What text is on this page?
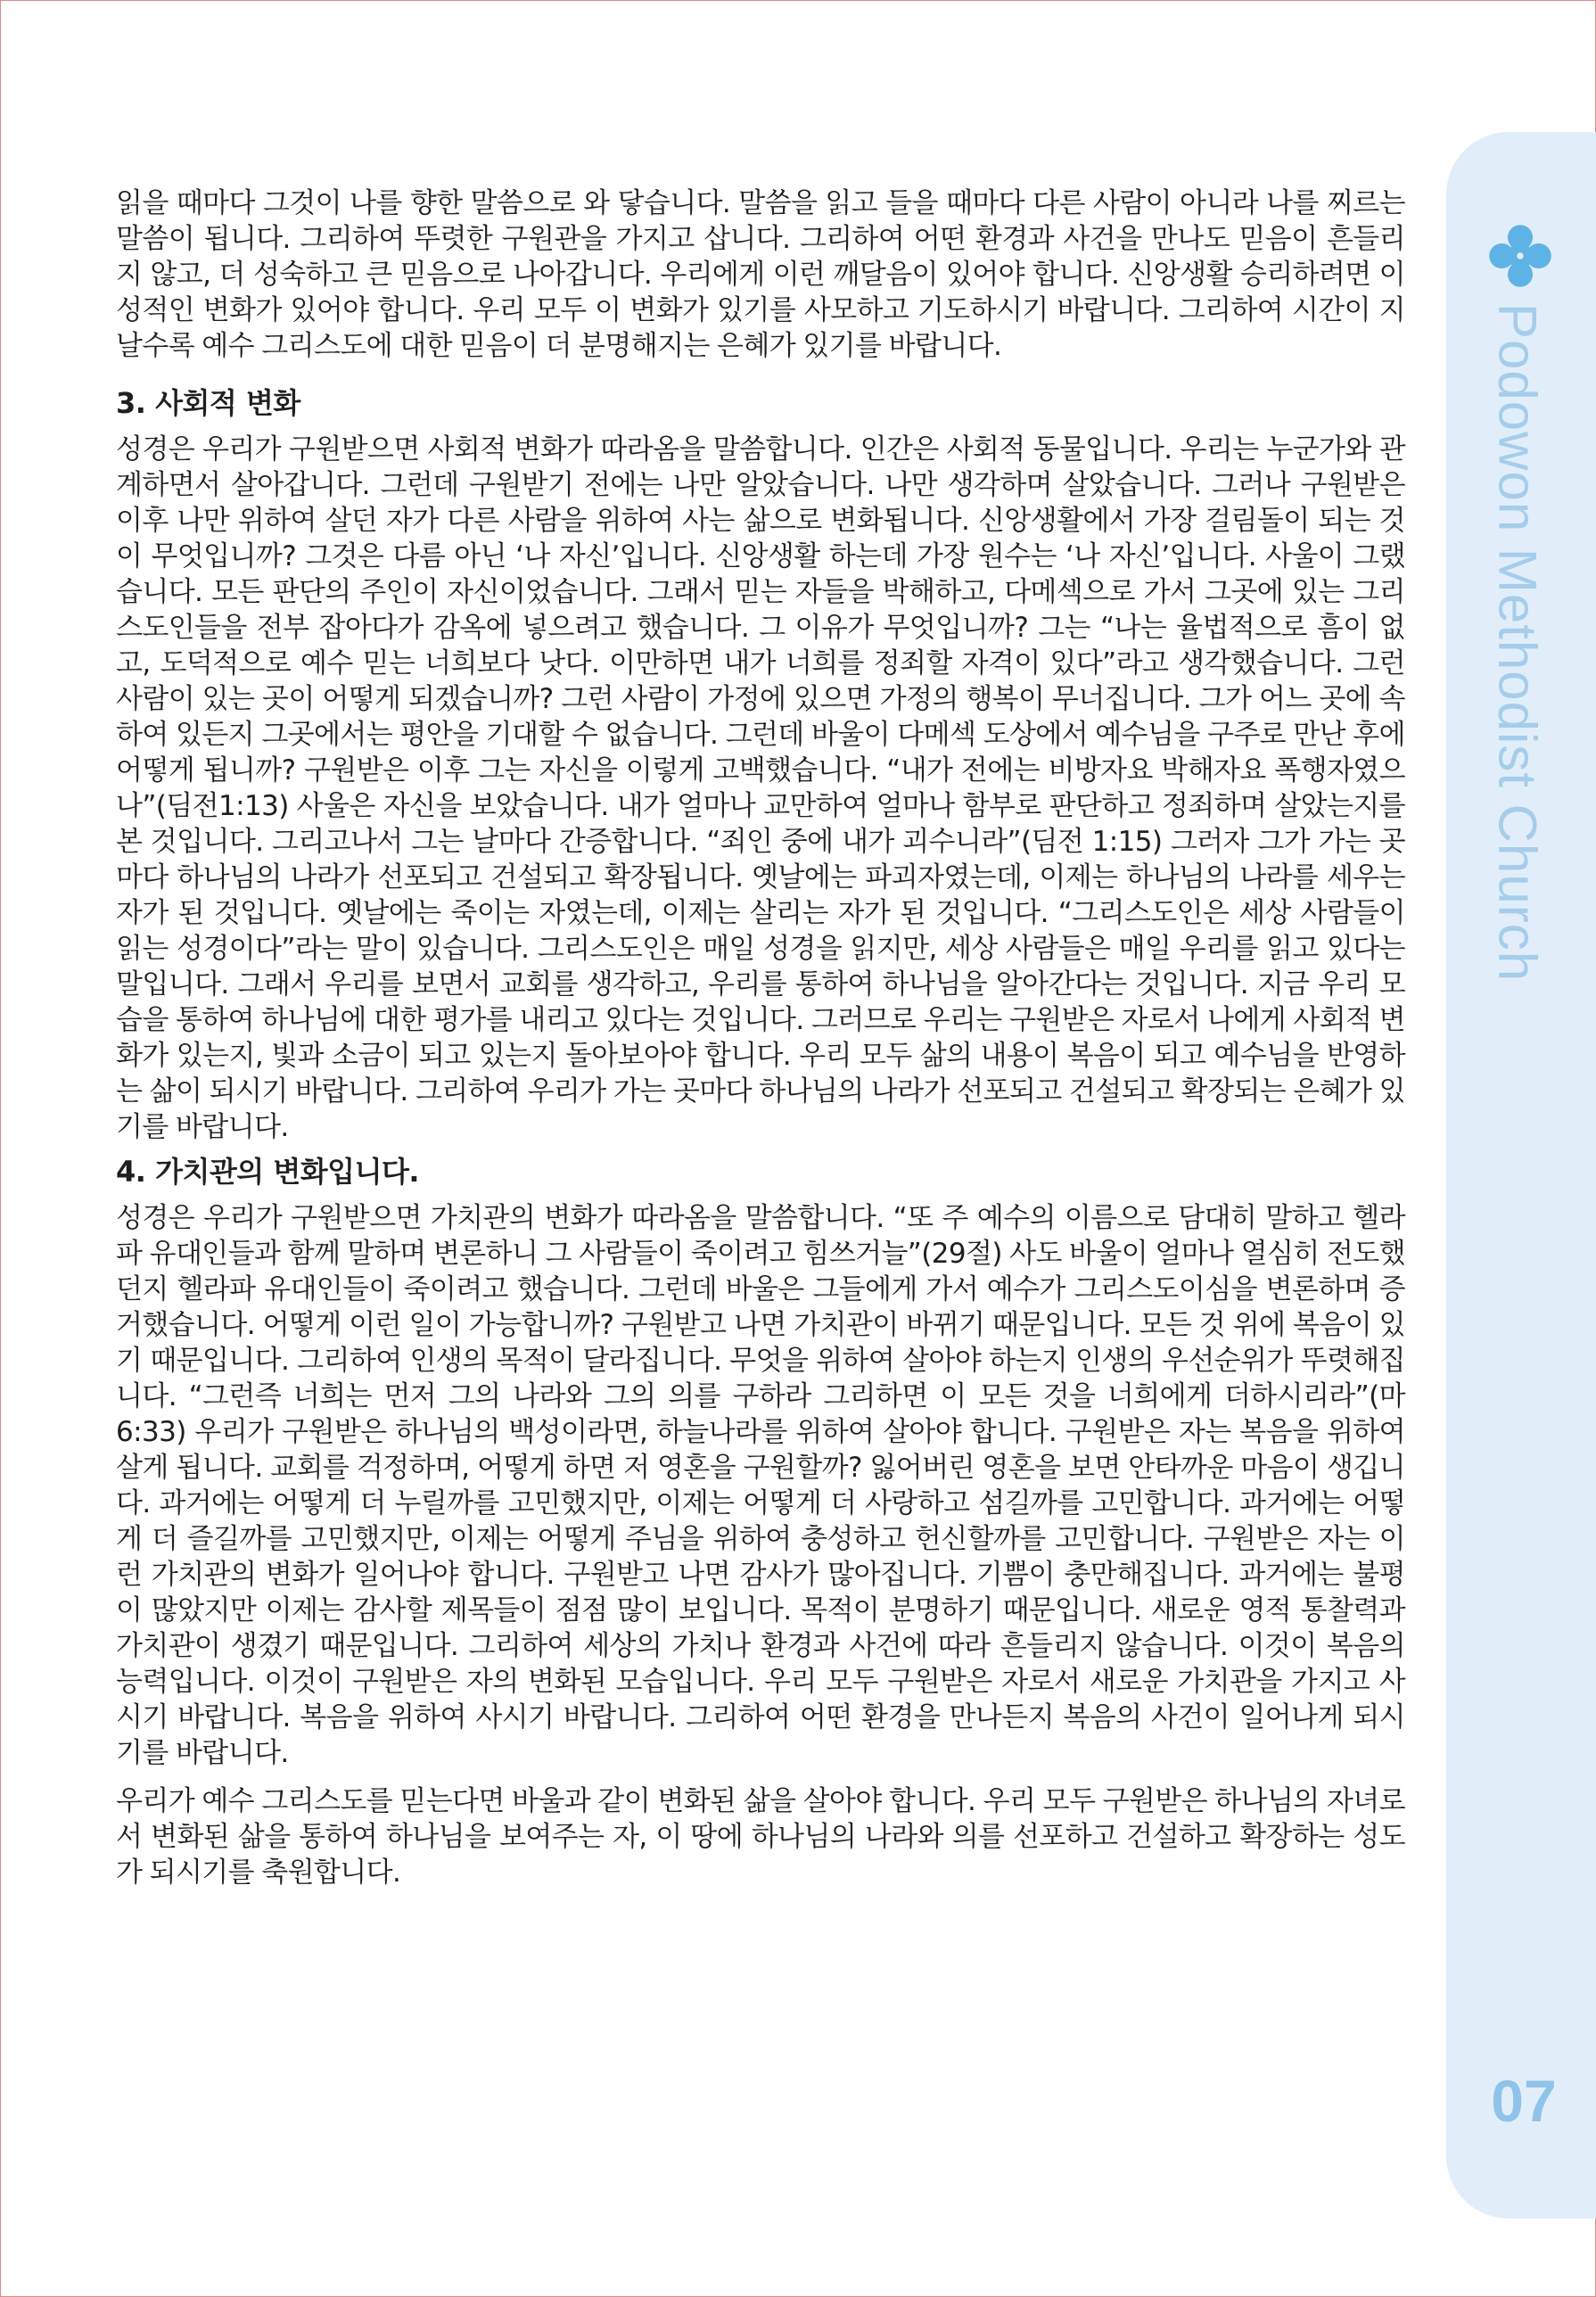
Podowon Methodist Church
07

읽을 때마다 그것이 나를 향한 말씀으로 와 닿습니다. 말씀을 읽고 들을 때마다 다른 사람이 아니라 나를 찌르는 말씀이 됩니다. 그리하여 뚜렷한 구원관을 가지고 삽니다. 그리하여 어떤 환경과 사건을 만나도 믿음이 흔들리지 않고, 더 성숙하고 큰 믿음으로 나아갑니다. 우리에게 이런 깨달음이 있어야 합니다. 신앙생활 승리하려면 이성적인 변화가 있어야 합니다. 우리 모두 이 변화가 있기를 사모하고 기도하시기 바랍니다. 그리하여 시간이 지날수록 예수 그리스도에 대한 믿음이 더 분명해지는 은혜가 있기를 바랍니다.

3. 사회적 변화

성경은 우리가 구원받으면 사회적 변화가 따라옴을 말씀합니다. 인간은 사회적 동물입니다. 우리는 누군가와 관계하면서 살아갑니다. 그런데 구원받기 전에는 나만 알았습니다. 나만 생각하며 살았습니다. 그러나 구원받은 이후 나만 위하여 살던 자가 다른 사람을 위하여 사는 삶으로 변화됩니다. 신앙생활에서 가장 걸림돌이 되는 것이 무엇입니까? 그것은 다름 아닌 ‘나 자신’입니다. 신앙생활 하는데 가장 원수는 ‘나 자신’입니다. 사울이 그랬습니다. 모든 판단의 주인이 자신이었습니다. 그래서 믿는 자들을 박해하고, 다메섹으로 가서 그곳에 있는 그리스도인들을 전부 잡아다가 감옥에 넣으려고 했습니다. 그 이유가 무엇입니까? 그는 “나는 율법적으로 흠이 없고, 도덕적으로 예수 믿는 너희보다 낫다. 이만하면 내가 너희를 정죄할 자격이 있다”라고 생각했습니다. 그런 사람이 있는 곳이 어떻게 되겠습니까? 그런 사람이 가정에 있으면 가정의 행복이 무너집니다. 그가 어느 곳에 속하여 있든지 그곳에서는 평안을 기대할 수 없습니다. 그런데 바울이 다메섹 도상에서 예수님을 구주로 만난 후에 어떻게 됩니까? 구원받은 이후 그는 자신을 이렇게 고백했습니다. “내가 전에는 비방자요 박해자요 폭행자였으나”(딤전1:13) 사울은 자신을 보았습니다. 내가 얼마나 교만하여 얼마나 함부로 판단하고 정죄하며 살았는지를 본 것입니다. 그리고나서 그는 날마다 간증합니다. “죄인 중에 내가 괴수니라”(딤전 1:15) 그러자 그가 가는 곳마다 하나님의 나라가 선포되고 건설되고 확장됩니다. 옛날에는 파괴자였는데, 이제는 하나님의 나라를 세우는 자가 된 것입니다. 옛날에는 죽이는 자였는데, 이제는 살리는 자가 된 것입니다. “그리스도인은 세상 사람들이 읽는 성경이다”라는 말이 있습니다. 그리스도인은 매일 성경을 읽지만, 세상 사람들은 매일 우리를 읽고 있다는 말입니다. 그래서 우리를 보면서 교회를 생각하고, 우리를 통하여 하나님을 알아간다는 것입니다. 지금 우리 모습을 통하여 하나님에 대한 평가를 내리고 있다는 것입니다. 그러므로 우리는 구원받은 자로서 나에게 사회적 변화가 있는지, 빛과 소금이 되고 있는지 돌아보아야 합니다. 우리 모두 삶의 내용이 복음이 되고 예수님을 반영하는 삶이 되시기 바랍니다. 그리하여 우리가 가는 곳마다 하나님의 나라가 선포되고 건설되고 확장되는 은혜가 있기를 바랍니다.

4. 가치관의 변화입니다.

성경은 우리가 구원받으면 가치관의 변화가 따라옴을 말씀합니다. “또 주 예수의 이름으로 담대히 말하고 헬라파 유대인들과 함께 말하며 변론하니 그 사람들이 죽이려고 힘쓰거늘”(29절) 사도 바울이 얼마나 열심히 전도했던지 헬라파 유대인들이 죽이려고 했습니다. 그런데 바울은 그들에게 가서 예수가 그리스도이심을 변론하며 증거했습니다. 어떻게 이런 일이 가능합니까? 구원받고 나면 가치관이 바뀌기 때문입니다. 모든 것 위에 복음이 있기 때문입니다. 그리하여 인생의 목적이 달라집니다. 무엇을 위하여 살아야 하는지 인생의 우선순위가 뚜렷해집니다. “그런즉 너희는 먼저 그의 나라와 그의 의를 구하라 그리하면 이 모든 것을 너희에게 더하시리라”(마6:33) 우리가 구원받은 하나님의 백성이라면, 하늘나라를 위하여 살아야 합니다. 구원받은 자는 복음을 위하여 살게 됩니다. 교회를 걱정하며, 어떻게 하면 저 영혼을 구원할까? 잃어버린 영혼을 보면 안타까운 마음이 생깁니다. 과거에는 어떻게 더 누릴까를 고민했지만, 이제는 어떻게 더 사랑하고 섬길까를 고민합니다. 과거에는 어떻게 더 즐길까를 고민했지만, 이제는 어떻게 주님을 위하여 충성하고 헌신할까를 고민합니다. 구원받은 자는 이런 가치관의 변화가 일어나야 합니다. 구원받고 나면 감사가 많아집니다. 기쁨이 충만해집니다. 과거에는 불평이 많았지만 이제는 감사할 제목들이 점점 많이 보입니다. 목적이 분명하기 때문입니다. 새로운 영적 통찰력과 가치관이 생겼기 때문입니다. 그리하여 세상의 가치나 환경과 사건에 따라 흔들리지 않습니다. 이것이 복음의 능력입니다. 이것이 구원받은 자의 변화된 모습입니다. 우리 모두 구원받은 자로서 새로운 가치관을 가지고 사시기 바랍니다. 복음을 위하여 사시기 바랍니다. 그리하여 어떤 환경을 만나든지 복음의 사건이 일어나게 되시기를 바랍니다.

우리가 예수 그리스도를 믿는다면 바울과 같이 변화된 삶을 살아야 합니다. 우리 모두 구원받은 하나님의 자녀로서 변화된 삶을 통하여 하나님을 보여주는 자, 이 땅에 하나님의 나라와 의를 선포하고 건설하고 확장하는 성도가 되시기를 축원합니다.
